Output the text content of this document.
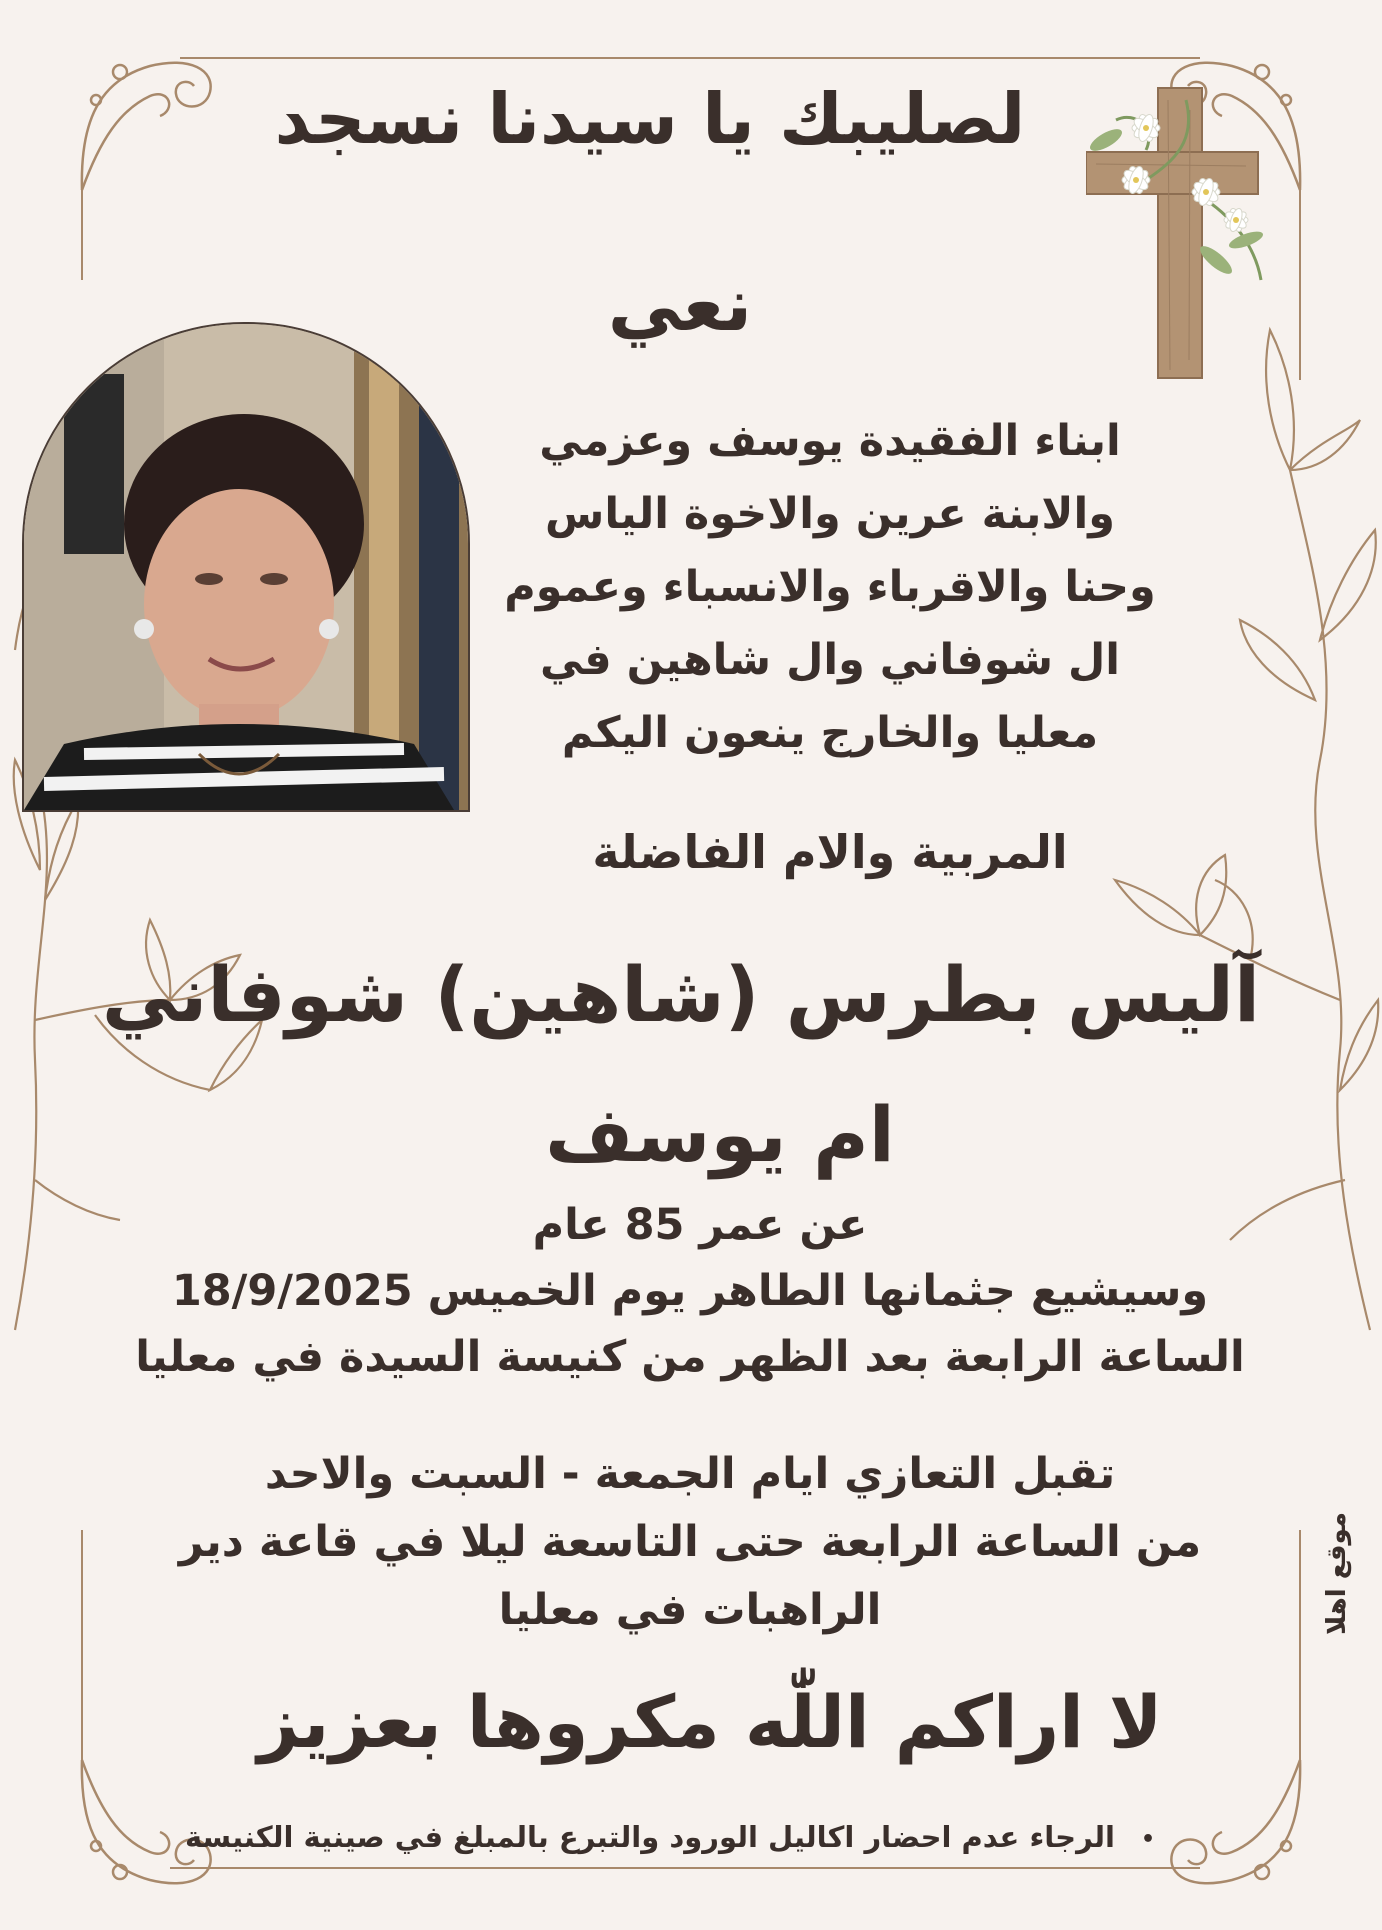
لصليبك يا سيدنا نسجد
نعي
ابناء الفقيدة يوسف وعزمي
والابنة عرين والاخوة الياس
وحنا والاقرباء والانسباء وعموم
ال شوفاني وال شاهين في
معليا والخارج ينعون اليكم
المربية والام الفاضلة
آليس بطرس (شاهين) شوفاني
ام يوسف
عن عمر 85 عام
وسيشيع جثمانها الطاهر يوم الخميس 18/9/2025
الساعة الرابعة بعد الظهر من كنيسة السيدة في معليا
تقبل التعازي ايام الجمعة - السبت والاحد
من الساعة الرابعة حتى التاسعة ليلا في قاعة دير
الراهبات في معليا
لا اراكم اللّٰه مكروها بعزيز
•الرجاء عدم احضار اكاليل الورود والتبرع بالمبلغ في صينية الكنيسة
موقع اهلا
